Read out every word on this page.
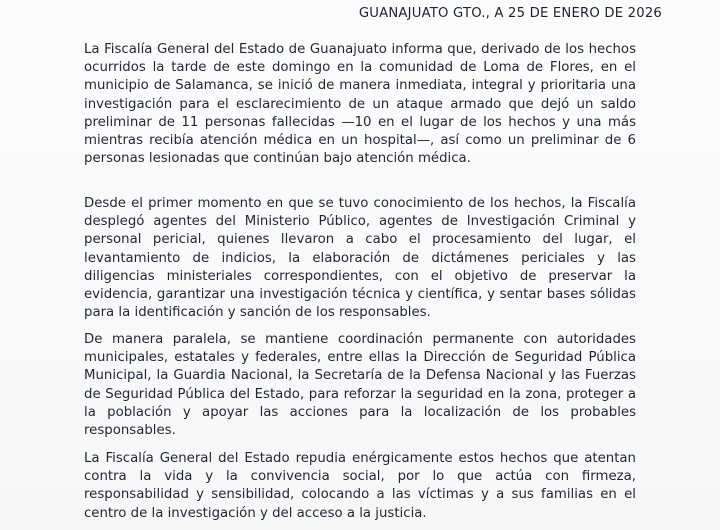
GUANAJUATO GTO., A 25 DE ENERO DE 2026

La Fiscalía General del Estado de Guanajuato informa que, derivado de los hechos ocurridos la tarde de este domingo en la comunidad de Loma de Flores, en el municipio de Salamanca, se inició de manera inmediata, integral y prioritaria una investigación para el esclarecimiento de un ataque armado que dejó un saldo preliminar de 11 personas fallecidas —10 en el lugar de los hechos y una más mientras recibía atención médica en un hospital—, así como un preliminar de 6 personas lesionadas que continúan bajo atención médica.

Desde el primer momento en que se tuvo conocimiento de los hechos, la Fiscalía desplegó agentes del Ministerio Público, agentes de Investigación Criminal y personal pericial, quienes llevaron a cabo el procesamiento del lugar, el levantamiento de indicios, la elaboración de dictámenes periciales y las diligencias ministeriales correspondientes, con el objetivo de preservar la evidencia, garantizar una investigación técnica y científica, y sentar bases sólidas para la identificación y sanción de los responsables.

De manera paralela, se mantiene coordinación permanente con autoridades municipales, estatales y federales, entre ellas la Dirección de Seguridad Pública Municipal, la Guardia Nacional, la Secretaría de la Defensa Nacional y las Fuerzas de Seguridad Pública del Estado, para reforzar la seguridad en la zona, proteger a la población y apoyar las acciones para la localización de los probables responsables.

La Fiscalía General del Estado repudia enérgicamente estos hechos que atentan contra la vida y la convivencia social, por lo que actúa con firmeza, responsabilidad y sensibilidad, colocando a las víctimas y a sus familias en el centro de la investigación y del acceso a la justicia.
